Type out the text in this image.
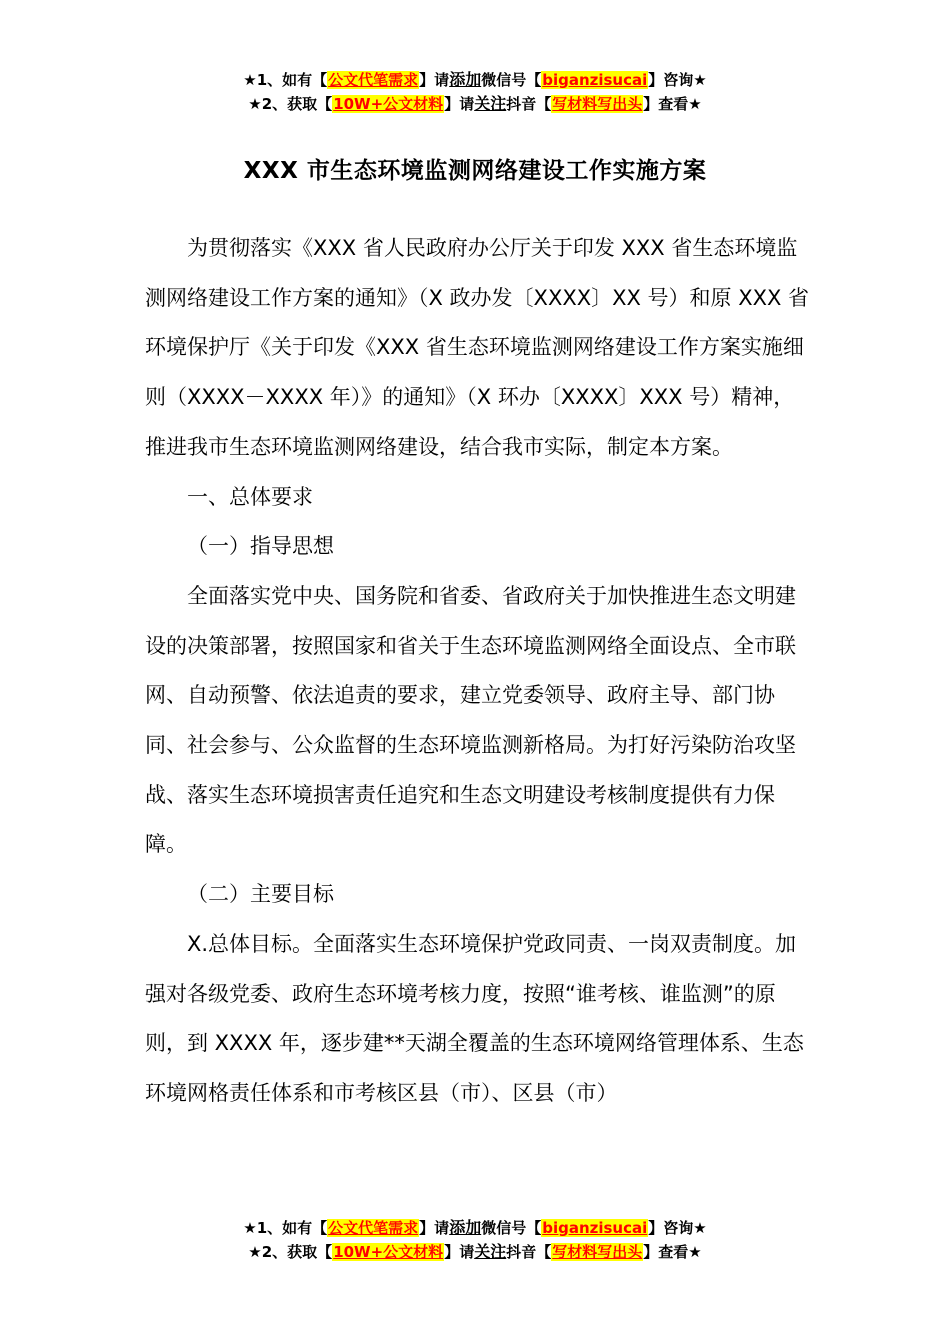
★1、如有【公文代笔需求】请添加微信号【biganzisucai】咨询★
★2、获取【10W+公文材料】请关注抖音【写材料写出头】查看★
XXX 市生态环境监测网络建设工作实施方案

为贯彻落实《XXX 省人民政府办公厅关于印发 XXX 省生态环境监测网络建设工作方案的通知》（X 政办发〔XXXX〕XX 号）和原 XXX 省环境保护厅《关于印发《XXX 省生态环境监测网络建设工作方案实施细则（XXXX－XXXX 年）》的通知》（X 环办〔XXXX〕XXX 号）精神，推进我市生态环境监测网络建设，结合我市实际，制定本方案。

一、总体要求

（一）指导思想

全面落实党中央、国务院和省委、省政府关于加快推进生态文明建设的决策部署，按照国家和省关于生态环境监测网络全面设点、全市联网、自动预警、依法追责的要求，建立党委领导、政府主导、部门协同、社会参与、公众监督的生态环境监测新格局。为打好污染防治攻坚战、落实生态环境损害责任追究和生态文明建设考核制度提供有力保障。

（二）主要目标

X.总体目标。全面落实生态环境保护党政同责、一岗双责制度。加强对各级党委、政府生态环境考核力度，按照“谁考核、谁监测”的原则，到 XXXX 年，逐步建**天湖全覆盖的生态环境网络管理体系、生态环境网格责任体系和市考核区县（市）、区县（市）

★1、如有【公文代笔需求】请添加微信号【biganzisucai】咨询★
★2、获取【10W+公文材料】请关注抖音【写材料写出头】查看★
